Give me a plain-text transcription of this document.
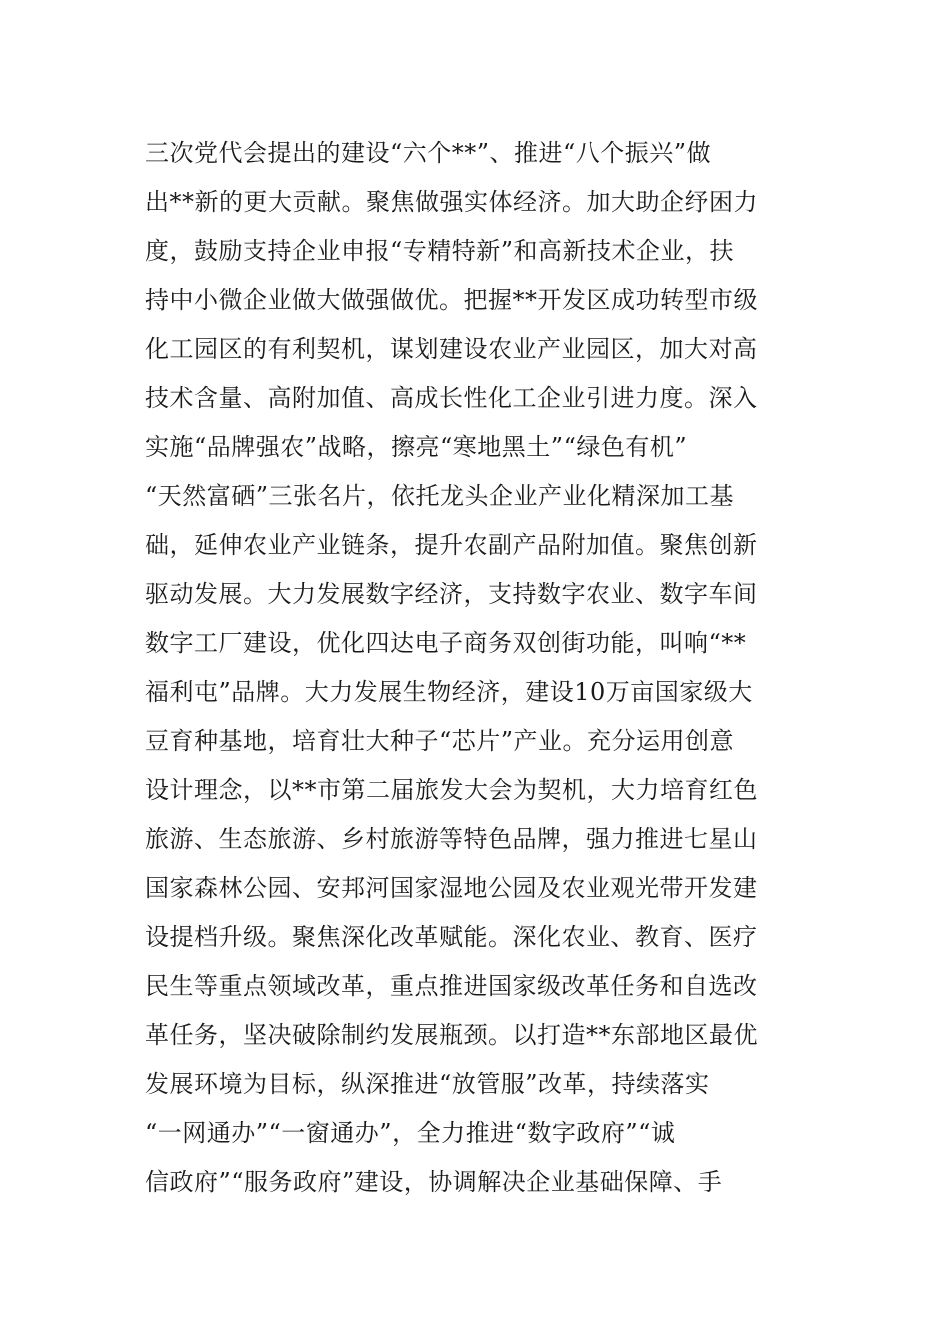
三次党代会提出的建设“六个**”、推进“八个振兴”做
出**新的更大贡献。聚焦做强实体经济。加大助企纾困力
度，鼓励支持企业申报“专精特新”和高新技术企业，扶
持中小微企业做大做强做优。把握**开发区成功转型市级
化工园区的有利契机，谋划建设农业产业园区，加大对高
技术含量、高附加值、高成长性化工企业引进力度。深入
实施“品牌强农”战略，擦亮“寒地黑土”“绿色有机”
“天然富硒”三张名片，依托龙头企业产业化精深加工基
础，延伸农业产业链条，提升农副产品附加值。聚焦创新
驱动发展。大力发展数字经济，支持数字农业、数字车间
数字工厂建设，优化四达电子商务双创街功能，叫响“**
福利屯”品牌。大力发展生物经济，建设10万亩国家级大
豆育种基地，培育壮大种子“芯片”产业。充分运用创意
设计理念，以**市第二届旅发大会为契机，大力培育红色
旅游、生态旅游、乡村旅游等特色品牌，强力推进七星山
国家森林公园、安邦河国家湿地公园及农业观光带开发建
设提档升级。聚焦深化改革赋能。深化农业、教育、医疗
民生等重点领域改革，重点推进国家级改革任务和自选改
革任务，坚决破除制约发展瓶颈。以打造**东部地区最优
发展环境为目标，纵深推进“放管服”改革，持续落实
“一网通办”“一窗通办”，全力推进“数字政府”“诚
信政府”“服务政府”建设，协调解决企业基础保障、手
